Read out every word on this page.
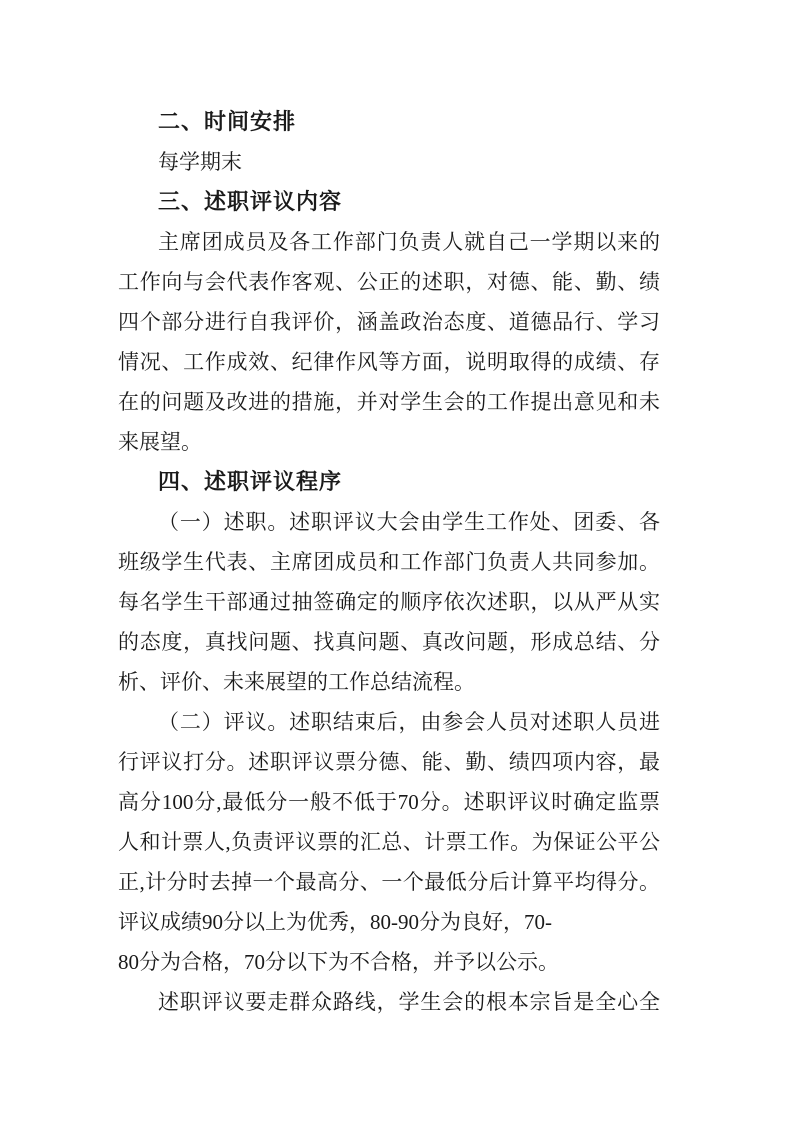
二、时间安排
每学期末
三、述职评议内容
主席团成员及各工作部门负责人就自己一学期以来的
工作向与会代表作客观、公正的述职，对德、能、勤、绩
四个部分进行自我评价，涵盖政治态度、道德品行、学习
情况、工作成效、纪律作风等方面，说明取得的成绩、存
在的问题及改进的措施，并对学生会的工作提出意见和未
来展望。
四、述职评议程序
（一）述职。述职评议大会由学生工作处、团委、各
班级学生代表、主席团成员和工作部门负责人共同参加。
每名学生干部通过抽签确定的顺序依次述职，以从严从实
的态度，真找问题、找真问题、真改问题，形成总结、分
析、评价、未来展望的工作总结流程。
（二）评议。述职结束后，由参会人员对述职人员进
行评议打分。述职评议票分德、能、勤、绩四项内容，最
高分100分,最低分一般不低于70分。述职评议时确定监票
人和计票人,负责评议票的汇总、计票工作。为保证公平公
正,计分时去掉一个最高分、一个最低分后计算平均得分。
评议成绩90分以上为优秀，80-90分为良好，70-
80分为合格，70分以下为不合格，并予以公示。
述职评议要走群众路线，学生会的根本宗旨是全心全
